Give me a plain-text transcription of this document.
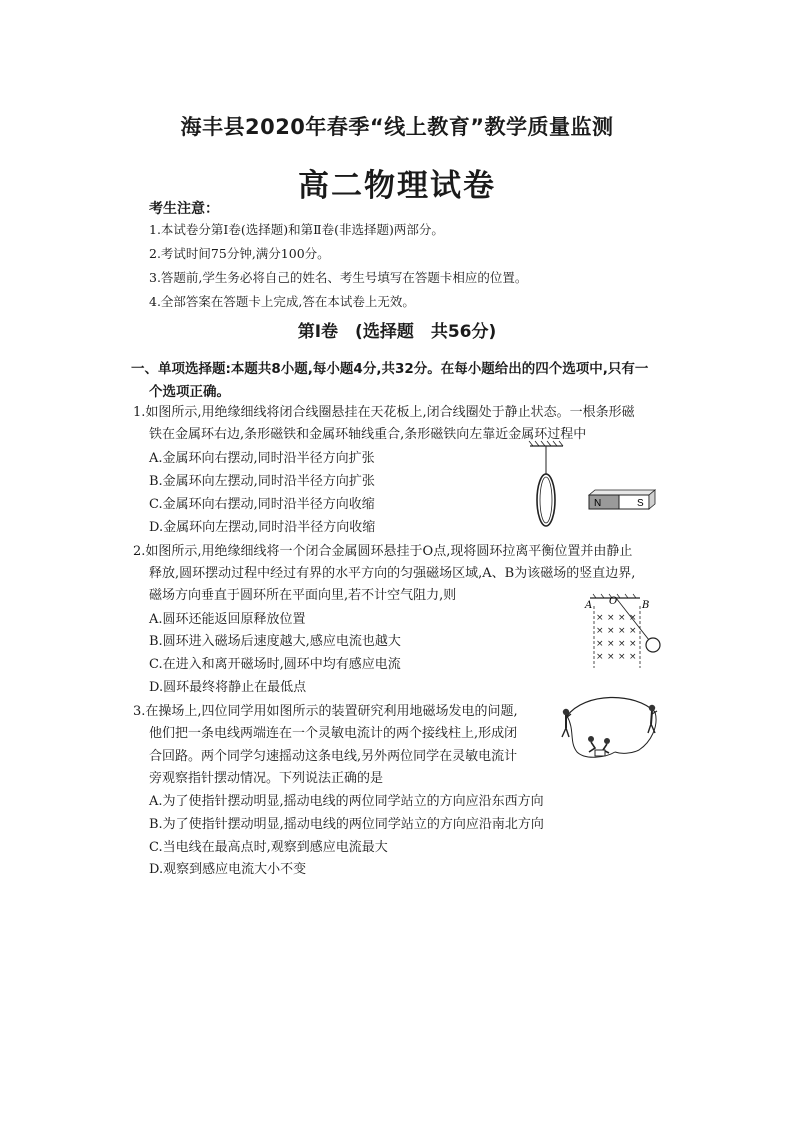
海丰县2020年春季“线上教育”教学质量监测
高二物理试卷
考生注意：
1.本试卷分第Ⅰ卷(选择题)和第Ⅱ卷(非选择题)两部分。
2.考试时间75分钟,满分100分。
3.答题前,学生务必将自己的姓名、考生号填写在答题卡相应的位置。
4.全部答案在答题卡上完成,答在本试卷上无效。
第Ⅰ卷　(选择题　共56分)
一、单项选择题:本题共8小题,每小题4分,共32分。在每小题给出的四个选项中,只有一
个选项正确。
1.如图所示,用绝缘细线将闭合线圈悬挂在天花板上,闭合线圈处于静止状态。一根条形磁
铁在金属环右边,条形磁铁和金属环轴线重合,条形磁铁向左靠近金属环过程中
A.金属环向右摆动,同时沿半径方向扩张
B.金属环向左摆动,同时沿半径方向扩张
C.金属环向右摆动,同时沿半径方向收缩
D.金属环向左摆动,同时沿半径方向收缩
N	S
2.如图所示,用绝缘细线将一个闭合金属圆环悬挂于O点,现将圆环拉离平衡位置并由静止
释放,圆环摆动过程中经过有界的水平方向的匀强磁场区域,A、B为该磁场的竖直边界,
磁场方向垂直于圆环所在平面向里,若不计空气阻力,则
A.圆环还能返回原释放位置
B.圆环进入磁场后速度越大,感应电流也越大
C.在进入和离开磁场时,圆环中均有感应电流
D.圆环最终将静止在最低点
A O B
× × × ×
× × × ×
× × × ×
× × × ×
3.在操场上,四位同学用如图所示的装置研究利用地磁场发电的问题,
他们把一条电线两端连在一个灵敏电流计的两个接线柱上,形成闭
合回路。两个同学匀速摇动这条电线,另外两位同学在灵敏电流计
旁观察指针摆动情况。下列说法正确的是
A.为了使指针摆动明显,摇动电线的两位同学站立的方向应沿东西方向
B.为了使指针摆动明显,摇动电线的两位同学站立的方向应沿南北方向
C.当电线在最高点时,观察到感应电流最大
D.观察到感应电流大小不变
